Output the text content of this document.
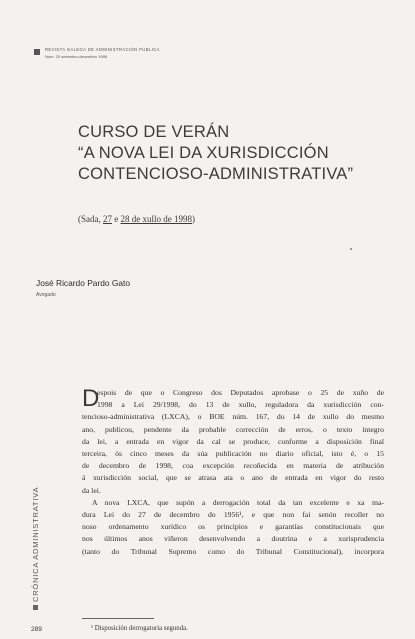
REVISTA GALEGA DE ADMINISTRACIÓN PÚBLICA
Núm. 20 setembro-decembro 1998
CURSO DE VERÁN
“A NOVA LEI DA XURISDICCIÓN
CONTENCIOSO-ADMINISTRATIVA”
(Sada, 27 e 28 de xullo de 1998)
José Ricardo Pardo Gato
Avogado
D
espois de que o Congreso dos Deputados aprobase o 25 de xuño de
1998 a Lei 29/1998, do 13 de xullo, reguladora da xurisdicción con-
tencioso-administrativa (LXCA), o BOE núm. 167, do 14 de xullo do mesmo
ano, publicou, pendente da probable corrección de erros, o texto íntegro
da lei, a entrada en vigor da cal se produce, conforme a disposición final
terceira, ós cinco meses da súa publicación no diario oficial, isto é, o 15
de decembro de 1998, coa excepción recoñecida en materia de atribución
á xurisdicción social, que se atrasa ata o ano de entrada en vigor do resto
da lei.
A nova LXCA, que supón a derrogación total da tan excelente e xa ma-
dura Lei do 27 de decembro do 1956¹, e que non fai senón recoller no
noso ordenamento xurídico os principios e garantías constitucionais que
nos últimos anos viñeron desenvolvendo a doutrina e a xurisprudencia
(tanto do Tribunal Supremo como do Tribunal Constitucional), incorpora
CRÓNICA ADMINISTRATIVA
289	¹ Disposición derrogatoria segunda.
